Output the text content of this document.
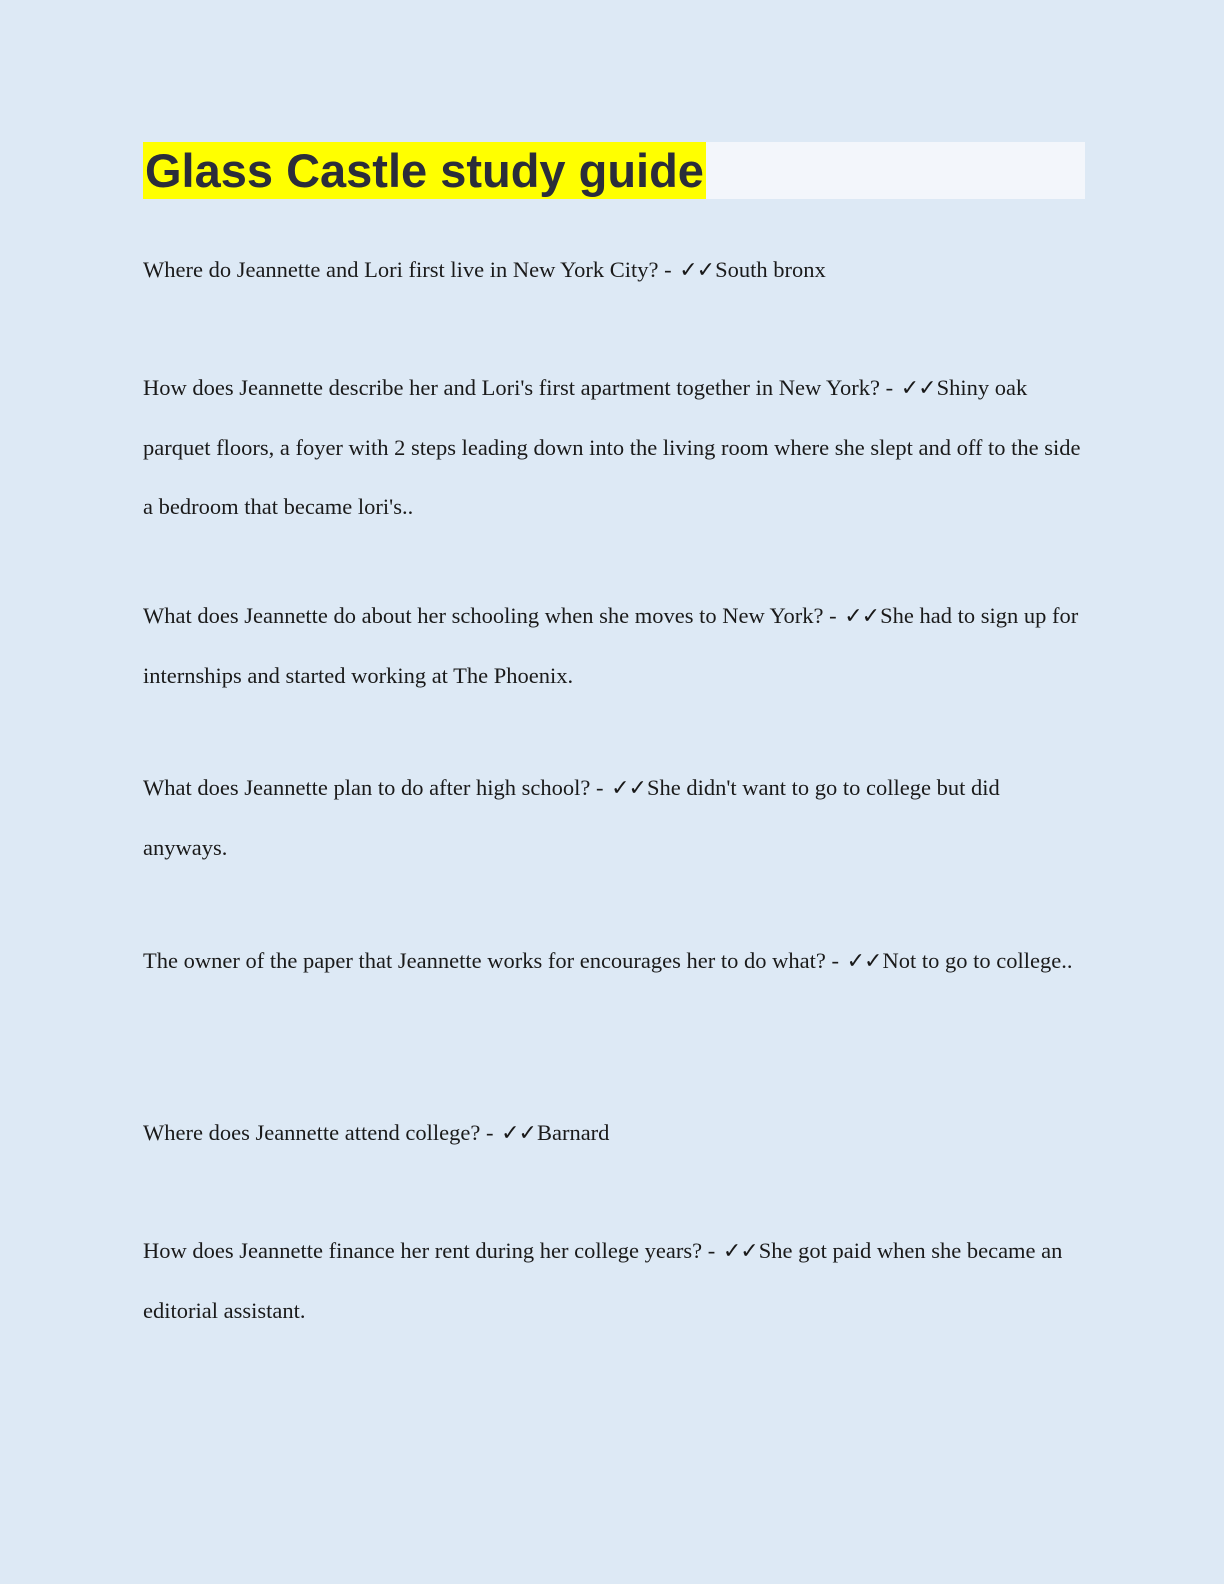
Glass Castle study guide

Where do Jeannette and Lori first live in New York City? - ✓✓South bronx

How does Jeannette describe her and Lori's first apartment together in New York? - ✓✓Shiny oak parquet floors, a foyer with 2 steps leading down into the living room where she slept and off to the side a bedroom that became lori's..

What does Jeannette do about her schooling when she moves to New York? - ✓✓She had to sign up for internships and started working at The Phoenix.

What does Jeannette plan to do after high school? - ✓✓She didn't want to go to college but did anyways.

The owner of the paper that Jeannette works for encourages her to do what? - ✓✓Not to go to college..

Where does Jeannette attend college? - ✓✓Barnard

How does Jeannette finance her rent during her college years? - ✓✓She got paid when she became an editorial assistant.
